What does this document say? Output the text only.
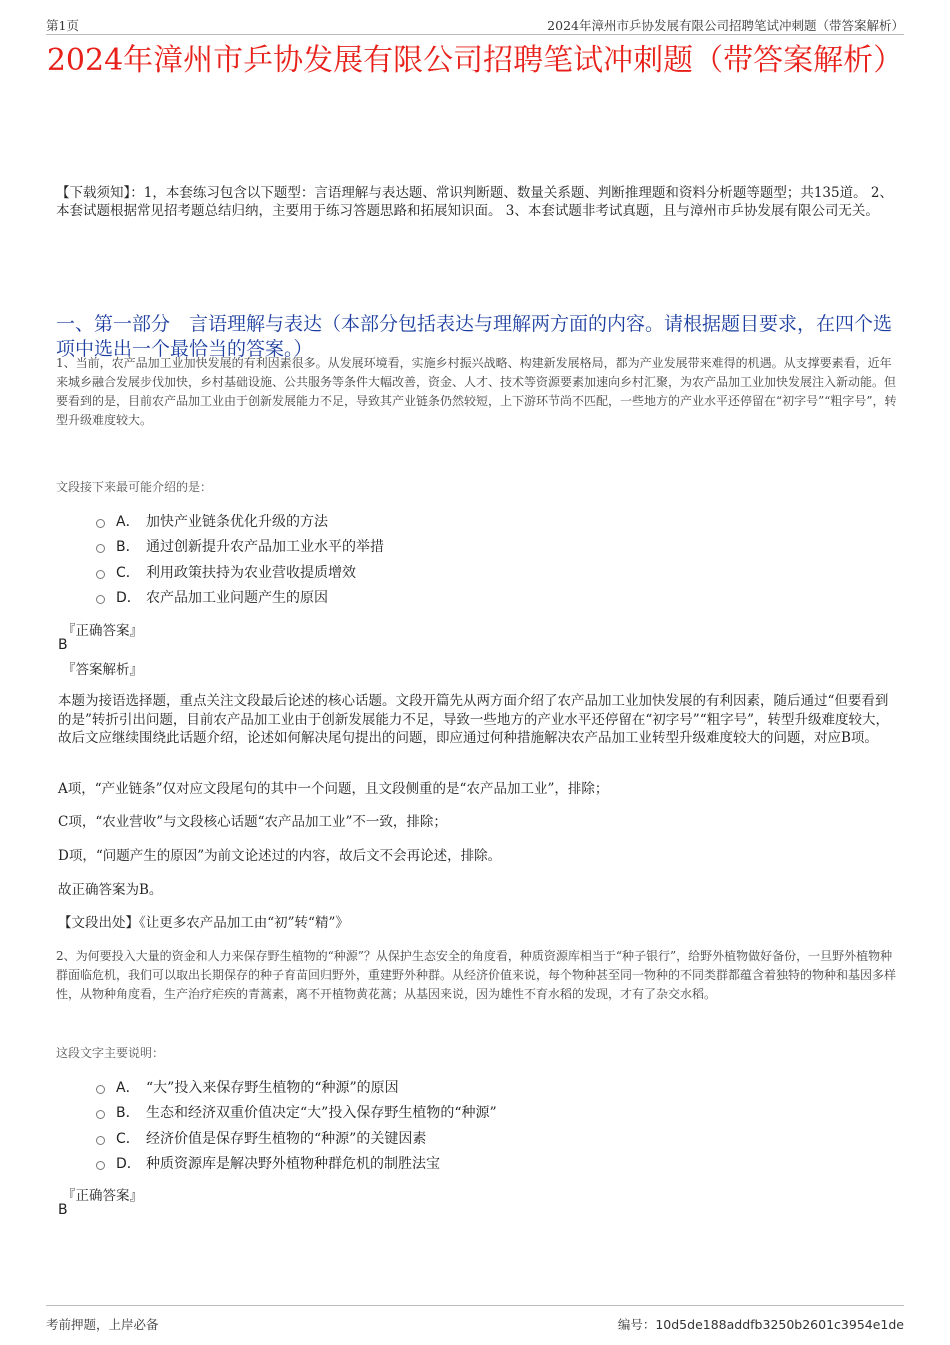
第1页	2024年漳州市乒协发展有限公司招聘笔试冲刺题（带答案解析）
2024年漳州市乒协发展有限公司招聘笔试冲刺题（带答案解析）

【下载须知】：1，本套练习包含以下题型：言语理解与表达题、常识判断题、数量关系题、判断推理题和资料分析题等题型；共135道。 2、本套试题根据常见招考题总结归纳，主要用于练习答题思路和拓展知识面。 3、本套试题非考试真题，且与漳州市乒协发展有限公司无关。

一、第一部分　言语理解与表达（本部分包括表达与理解两方面的内容。请根据题目要求，在四个选项中选出一个最恰当的答案。）

1、当前，农产品加工业加快发展的有利因素很多。从发展环境看，实施乡村振兴战略、构建新发展格局，都为产业发展带来难得的机遇。从支撑要素看，近年来城乡融合发展步伐加快，乡村基础设施、公共服务等条件大幅改善，资金、人才、技术等资源要素加速向乡村汇聚，为农产品加工业加快发展注入新动能。但要看到的是，目前农产品加工业由于创新发展能力不足，导致其产业链条仍然较短，上下游环节尚不匹配，一些地方的产业水平还停留在“初字号”“粗字号”，转型升级难度较大。

文段接下来最可能介绍的是：

A． 加快产业链条优化升级的方法
B． 通过创新提升农产品加工业水平的举措
C． 利用政策扶持为农业营收提质增效
D． 农产品加工业问题产生的原因

『正确答案』

B

『答案解析』

本题为接语选择题，重点关注文段最后论述的核心话题。文段开篇先从两方面介绍了农产品加工业加快发展的有利因素，随后通过“但要看到的是”转折引出问题，目前农产品加工业由于创新发展能力不足，导致一些地方的产业水平还停留在“初字号”“粗字号”，转型升级难度较大，故后文应继续围绕此话题介绍，论述如何解决尾句提出的问题，即应通过何种措施解决农产品加工业转型升级难度较大的问题，对应B项。

A项，“产业链条”仅对应文段尾句的其中一个问题，且文段侧重的是“农产品加工业”，排除；

C项，“农业营收”与文段核心话题“农产品加工业”不一致，排除；

D项，“问题产生的原因”为前文论述过的内容，故后文不会再论述，排除。

故正确答案为B。

【文段出处】《让更多农产品加工由“初”转“精”》

2、为何要投入大量的资金和人力来保存野生植物的“种源”？从保护生态安全的角度看，种质资源库相当于“种子银行”，给野外植物做好备份，一旦野外植物种群面临危机，我们可以取出长期保存的种子育苗回归野外，重建野外种群。从经济价值来说，每个物种甚至同一物种的不同类群都蕴含着独特的物种和基因多样性，从物种角度看，生产治疗疟疾的青蒿素，离不开植物黄花蒿；从基因来说，因为雄性不育水稻的发现，才有了杂交水稻。

这段文字主要说明：

A． “大”投入来保存野生植物的“种源”的原因
B． 生态和经济双重价值决定“大”投入保存野生植物的“种源”
C． 经济价值是保存野生植物的“种源”的关键因素
D． 种质资源库是解决野外植物种群危机的制胜法宝

『正确答案』

B

考前押题，上岸必备	编号：10d5de188addfb3250b2601c3954e1de
